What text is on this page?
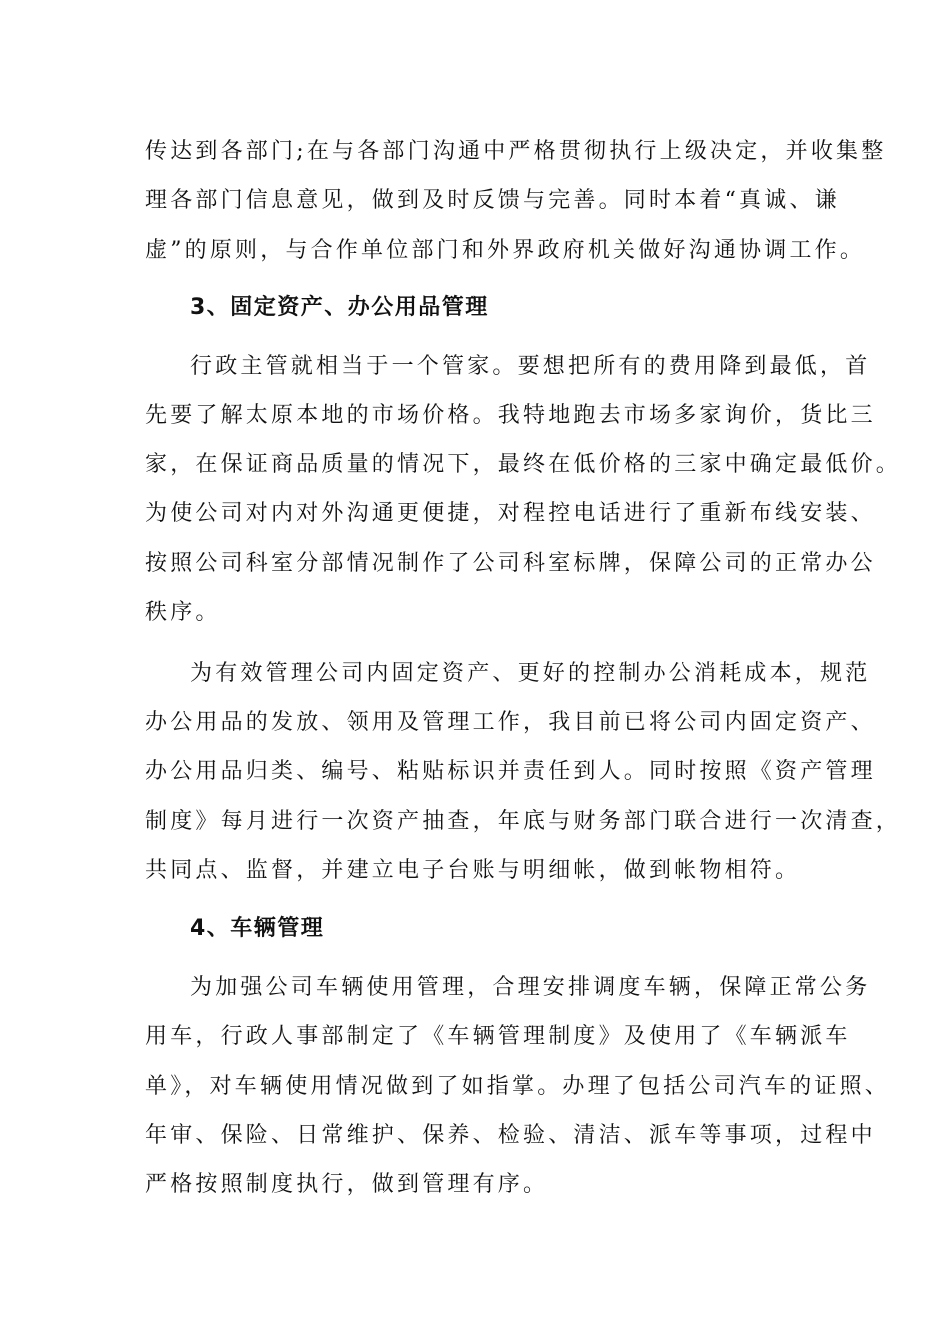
传达到各部门;在与各部门沟通中严格贯彻执行上级决定，并收集整
理各部门信息意见，做到及时反馈与完善。同时本着“真诚、谦
虚”的原则，与合作单位部门和外界政府机关做好沟通协调工作。
3、固定资产、办公用品管理
行政主管就相当于一个管家。要想把所有的费用降到最低，首
先要了解太原本地的市场价格。我特地跑去市场多家询价，货比三
家，在保证商品质量的情况下，最终在低价格的三家中确定最低价。
为使公司对内对外沟通更便捷，对程控电话进行了重新布线安装、
按照公司科室分部情况制作了公司科室标牌，保障公司的正常办公
秩序。
为有效管理公司内固定资产、更好的控制办公消耗成本，规范
办公用品的发放、领用及管理工作，我目前已将公司内固定资产、
办公用品归类、编号、粘贴标识并责任到人。同时按照《资产管理
制度》每月进行一次资产抽查，年底与财务部门联合进行一次清查，
共同点、监督，并建立电子台账与明细帐，做到帐物相符。
4、车辆管理
为加强公司车辆使用管理，合理安排调度车辆，保障正常公务
用车，行政人事部制定了《车辆管理制度》及使用了《车辆派车
单》，对车辆使用情况做到了如指掌。办理了包括公司汽车的证照、
年审、保险、日常维护、保养、检验、清洁、派车等事项，过程中
严格按照制度执行，做到管理有序。
